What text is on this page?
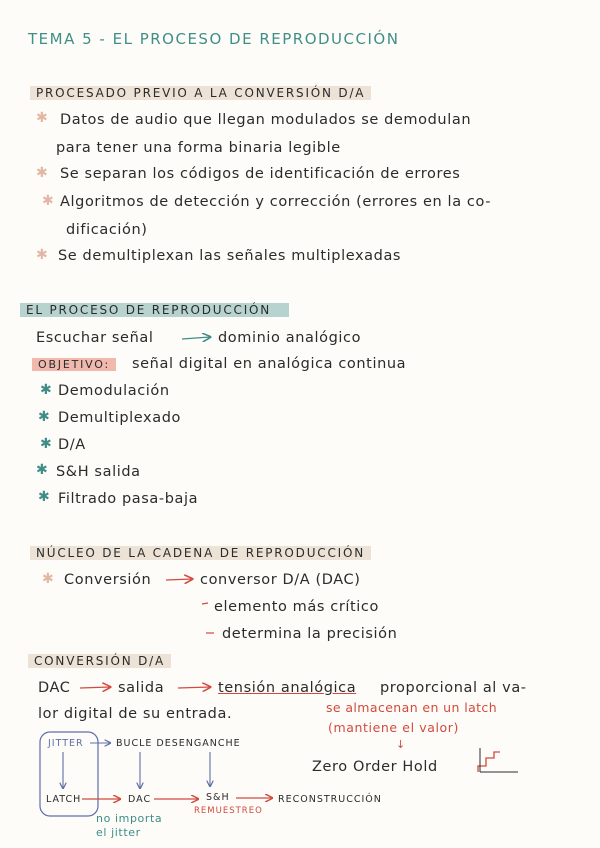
TEMA 5 - EL PROCESO DE REPRODUCCIÓN
PROCESADO PREVIO A LA CONVERSIÓN D/A
✱ Datos de audio que llegan modulados se demodulan
para tener una forma binaria legible
✱ Se separan los códigos de identificación de errores
✱ Algoritmos de detección y corrección (errores en la co-
dificación)
✱ Se demultiplexan las señales multiplexadas
EL PROCESO DE REPRODUCCIÓN
Escuchar señal	dominio analógico
OBJETIVO:	señal digital en analógica continua
✱ Demodulación
✱ Demultiplexado
✱ D/A
✱ S&H salida
✱ Filtrado pasa-baja
NÚCLEO DE LA CADENA DE REPRODUCCIÓN
✱ Conversión	conversor D/A (DAC)
elemento más crítico
determina la precisión
CONVERSIÓN D/A
DAC	salida	tensión analógica proporcional al va-
lor digital de su entrada.	se almacenan en un latch
(mantiene el valor)
↓
Zero Order Hold
JITTER	BUCLE DESENGANCHE
LATCH	DAC	S&H	RECONSTRUCCIÓN
REMUESTREO
no importa
el jitter
